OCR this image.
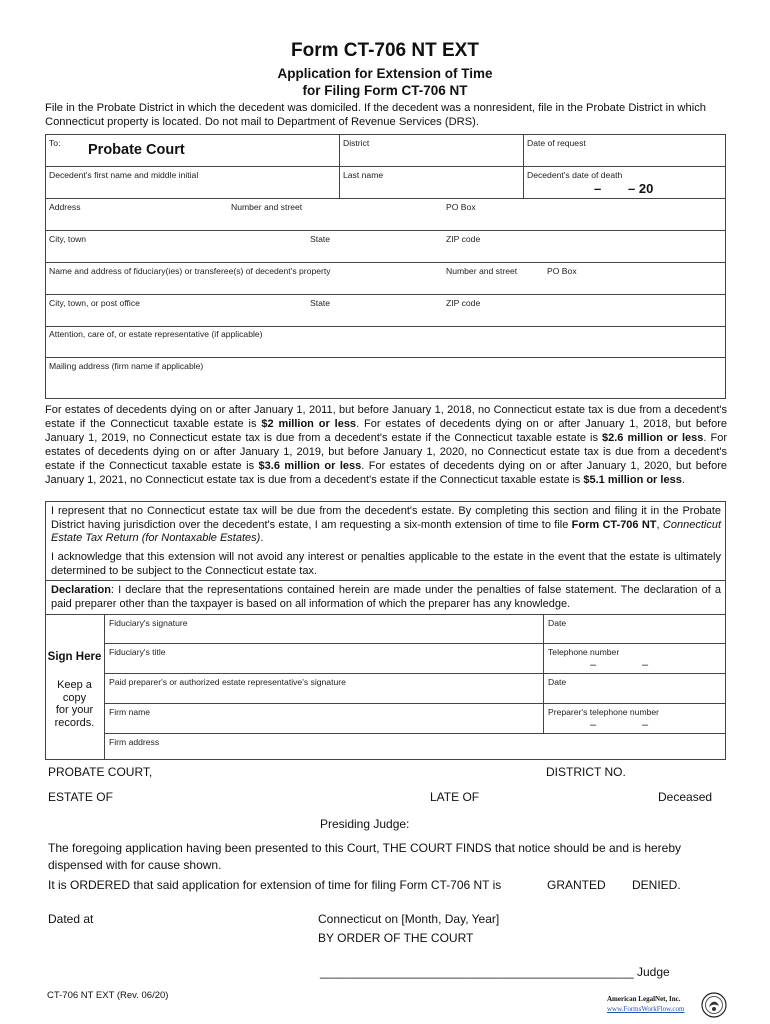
Form CT-706 NT EXT
Application for Extension of Time
for Filing Form CT-706 NT
File in the Probate District in which the decedent was domiciled. If the decedent was a nonresident, file in the Probate District in which Connecticut property is located. Do not mail to Department of Revenue Services (DRS).
To: Probate Court	District	Date of request
Decedent's first name and middle initial	Last name	Decedent's date of death
– – 20
Address	Number and street	PO Box
City, town	State	ZIP code
Name and address of fiduciary(ies) or transferee(s) of decedent's property	Number and street	PO Box
City, town, or post office	State	ZIP code
Attention, care of, or estate representative (if applicable)
Mailing address (firm name if applicable)
For estates of decedents dying on or after January 1, 2011, but before January 1, 2018, no Connecticut estate tax is due from a decedent's estate if the Connecticut taxable estate is $2 million or less. For estates of decedents dying on or after January 1, 2018, but before January 1, 2019, no Connecticut estate tax is due from a decedent's estate if the Connecticut taxable estate is $2.6 million or less. For estates of decedents dying on or after January 1, 2019, but before January 1, 2020, no Connecticut estate tax is due from a decedent's estate if the Connecticut taxable estate is $3.6 million or less. For estates of decedents dying on or after January 1, 2020, but before January 1, 2021, no Connecticut estate tax is due from a decedent's estate if the Connecticut taxable estate is $5.1 million or less.
I represent that no Connecticut estate tax will be due from the decedent's estate. By completing this section and filing it in the Probate District having jurisdiction over the decedent's estate, I am requesting a six-month extension of time to file Form CT-706 NT, Connecticut Estate Tax Return (for Nontaxable Estates).
I acknowledge that this extension will not avoid any interest or penalties applicable to the estate in the event that the estate is ultimately determined to be subject to the Connecticut estate tax.
Declaration: I declare that the representations contained herein are made under the penalties of false statement. The declaration of a paid preparer other than the taxpayer is based on all information of which the preparer has any knowledge.
Sign Here
Keep a
copy
for your
records.
Fiduciary's signature	Date
Fiduciary's title	Telephone number
–	–
Paid preparer's or authorized estate representative's signature	Date
Firm name	Preparer's telephone number
–	–
Firm address
PROBATE COURT,	DISTRICT NO.
ESTATE OF	LATE OF	Deceased
Presiding Judge:
The foregoing application having been presented to this Court, THE COURT FINDS that notice should be and is hereby dispensed with for cause shown.
It is ORDERED that said application for extension of time for filing Form CT-706 NT is	GRANTED DENIED.
Dated at	Connecticut on [Month, Day, Year]
BY ORDER OF THE COURT
_______________________________________________ Judge
CT-706 NT EXT (Rev. 06/20)	American LegalNet, Inc.
www.FormsWorkFlow.com
